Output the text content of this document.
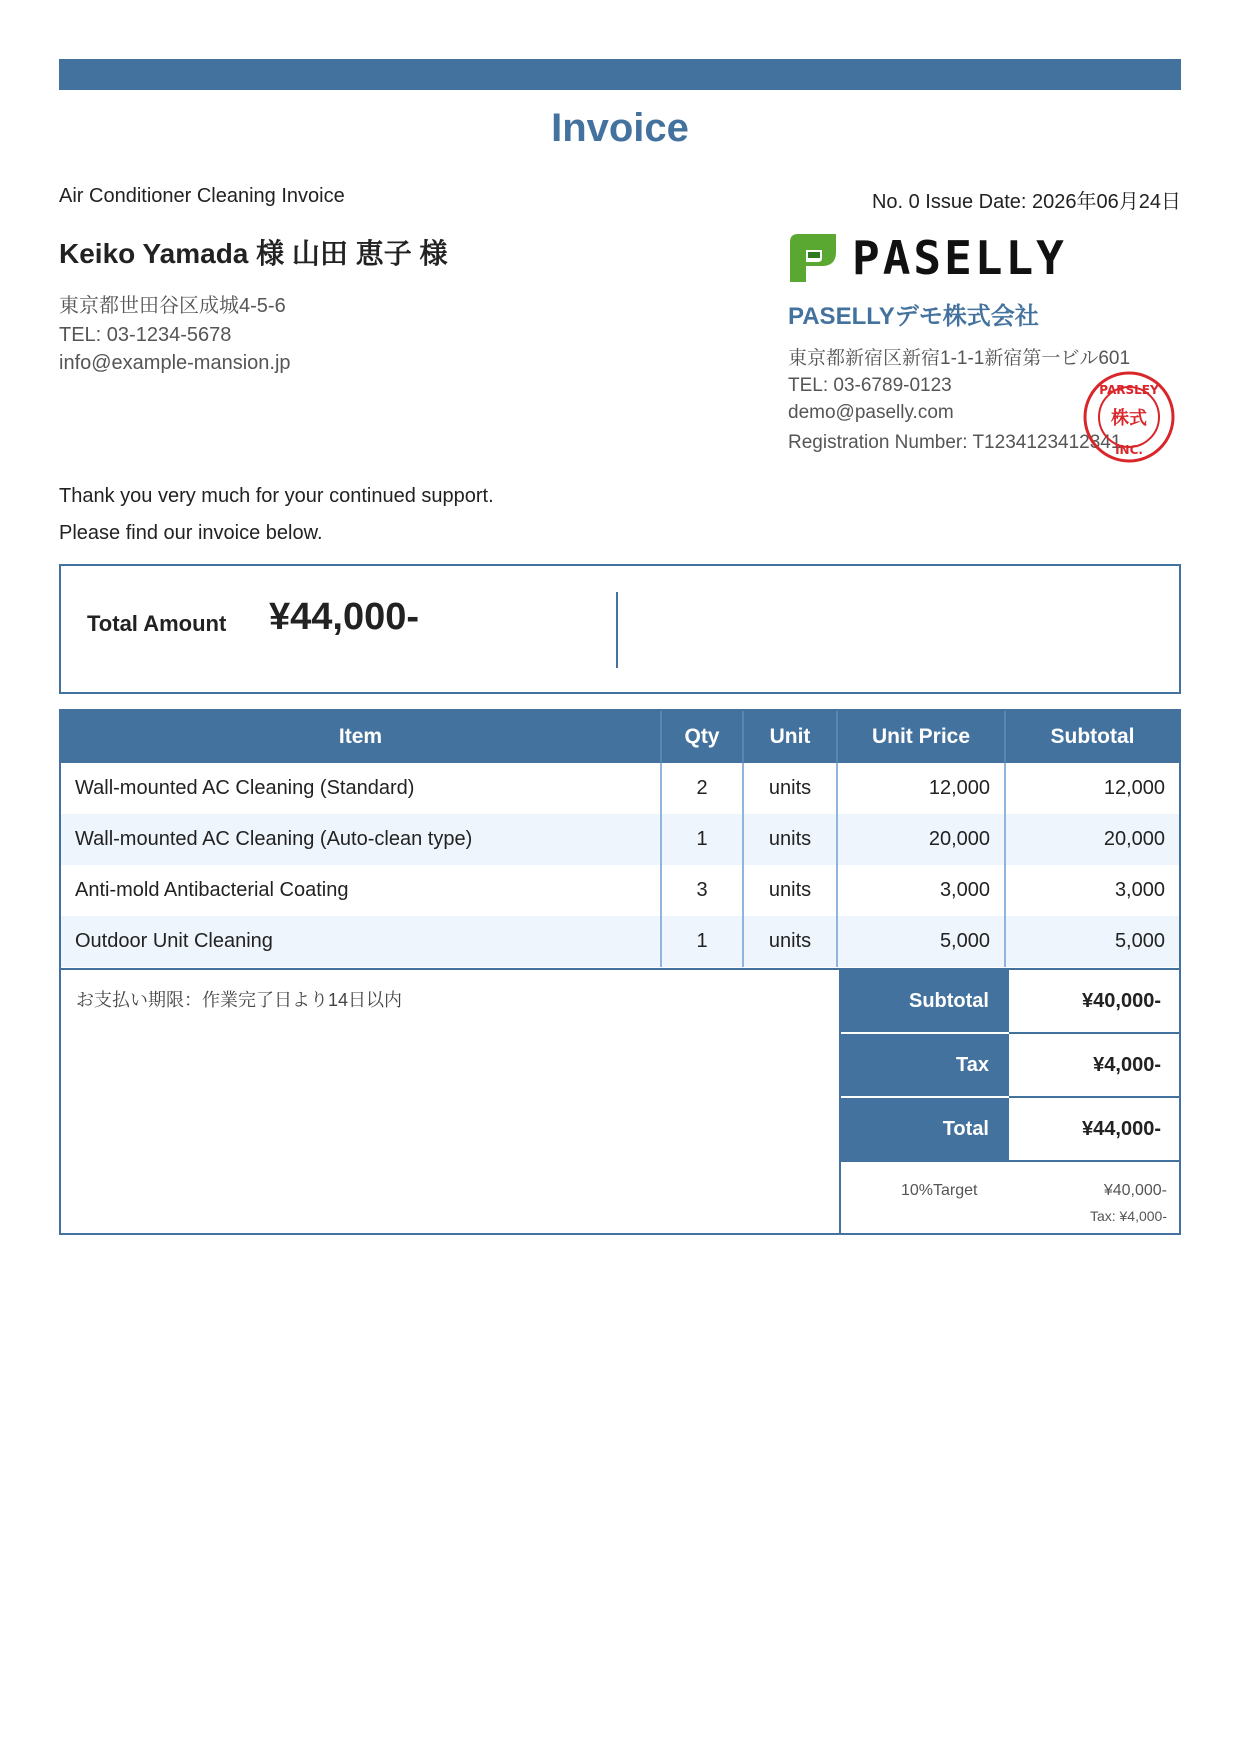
Invoice
Air Conditioner Cleaning Invoice	No. 0 Issue Date: 2026年06月24日
Keiko Yamada 様 山田 恵子 様
東京都世田谷区成城4-5-6
TEL: 03-1234-5678
info@example-mansion.jp
PASELLY
PASELLYデモ株式会社
東京都新宿区新宿1-1-1新宿第一ビル601
TEL: 03-6789-0123
demo@paselly.com
Registration Number: T1234123412341
PARSLEY
株式
INC.
Thank you very much for your continued support.
Please find our invoice below.
Total Amount ¥44,000-
Item	Qty	Unit	Unit Price	Subtotal
Wall-mounted AC Cleaning (Standard)	2	units	12,000	12,000
Wall-mounted AC Cleaning (Auto-clean type)	1	units	20,000	20,000
Anti-mold Antibacterial Coating	3	units	3,000	3,000
Outdoor Unit Cleaning	1	units	5,000	5,000
お支払い期限：作業完了日より14日以内	Subtotal	¥40,000-
Tax	¥4,000-
Total	¥44,000-
10%Target	¥40,000-
Tax: ¥4,000-
